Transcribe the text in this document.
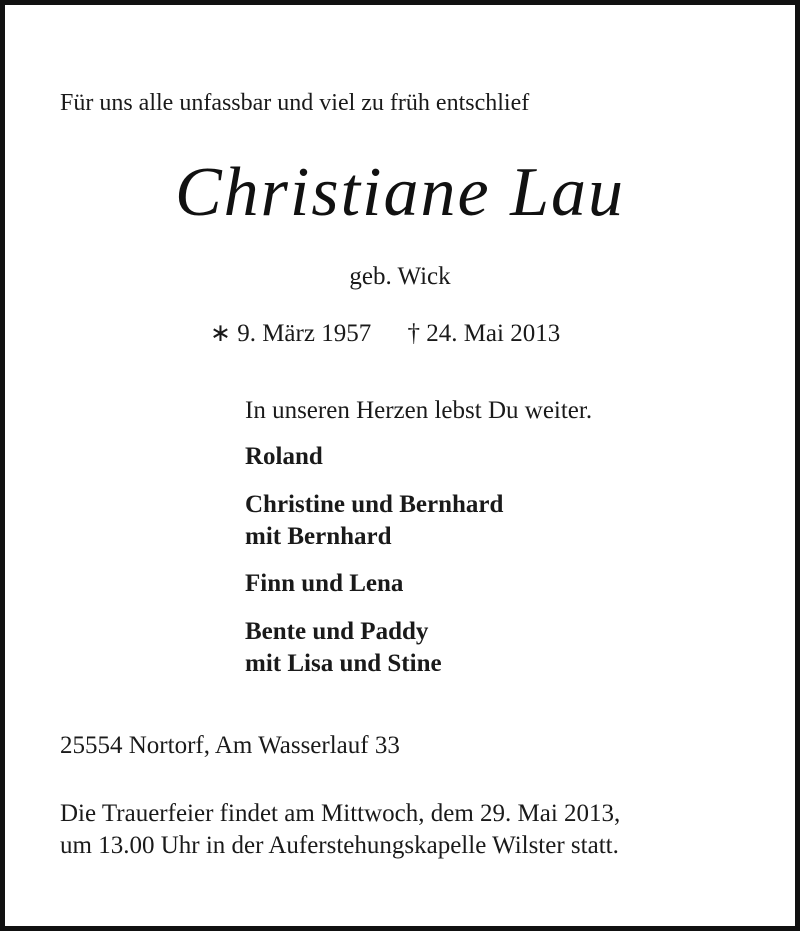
Für uns alle unfassbar und viel zu früh entschlief
Christiane Lau
geb. Wick
∗ 9. März 1957 † 24. Mai 2013
In unseren Herzen lebst Du weiter.
Roland
Christine und Bernhard
mit Bernhard
Finn und Lena
Bente und Paddy
mit Lisa und Stine
25554 Nortorf, Am Wasserlauf 33
Die Trauerfeier findet am Mittwoch, dem 29. Mai 2013,
um 13.00 Uhr in der Auferstehungskapelle Wilster statt.
